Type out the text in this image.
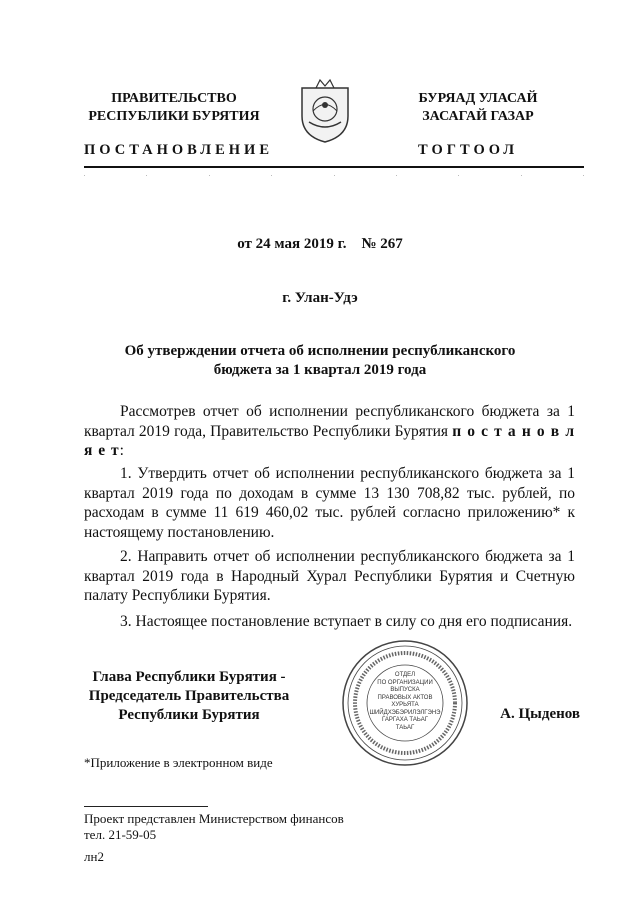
ПРАВИТЕЛЬСТВО
РЕСПУБЛИКИ БУРЯТИЯ
БУРЯАД УЛАСАЙ
ЗАСАГАЙ ГАЗАР
ПОСТАНОВЛЕНИЕ	ТОГТООЛ
от 24 мая 2019 г.    № 267
г. Улан-Удэ
Об утверждении отчета об исполнении республиканского
бюджета за 1 квартал 2019 года

Рассмотрев отчет об исполнении республиканского бюджета за 1 квартал 2019 года, Правительство Республики Бурятия п о с т а н о в л я е т:

1. Утвердить отчет об исполнении республиканского бюджета за 1 квартал 2019 года по доходам в сумме 13 130 708,82 тыс. рублей, по расходам в сумме 11 619 460,02 тыс. рублей согласно приложению* к настоящему постановлению.

2. Направить отчет об исполнении республиканского бюджета за 1 квартал 2019 года в Народный Хурал Республики Бурятия и Счетную палату Республики Бурятия.

3. Настоящее постановление вступает в силу со дня его подписания.

Глава Республики Бурятия -
Председатель Правительства
Республики Бурятия
ОТДЕЛ
ПО ОРГАНИЗАЦИИ
ВЫПУСКА
ПРАВОВЫХ АКТОВ
ХУРЬЯТА
ШИЙДХЭБЭРИЛЭЛГЭНЭ
ГАРГАХА ТАЬАГ
ТАЬАГ
А. Цыденов
*Приложение в электронном виде
Проект представлен Министерством финансов
тел. 21-59-05
лн2
